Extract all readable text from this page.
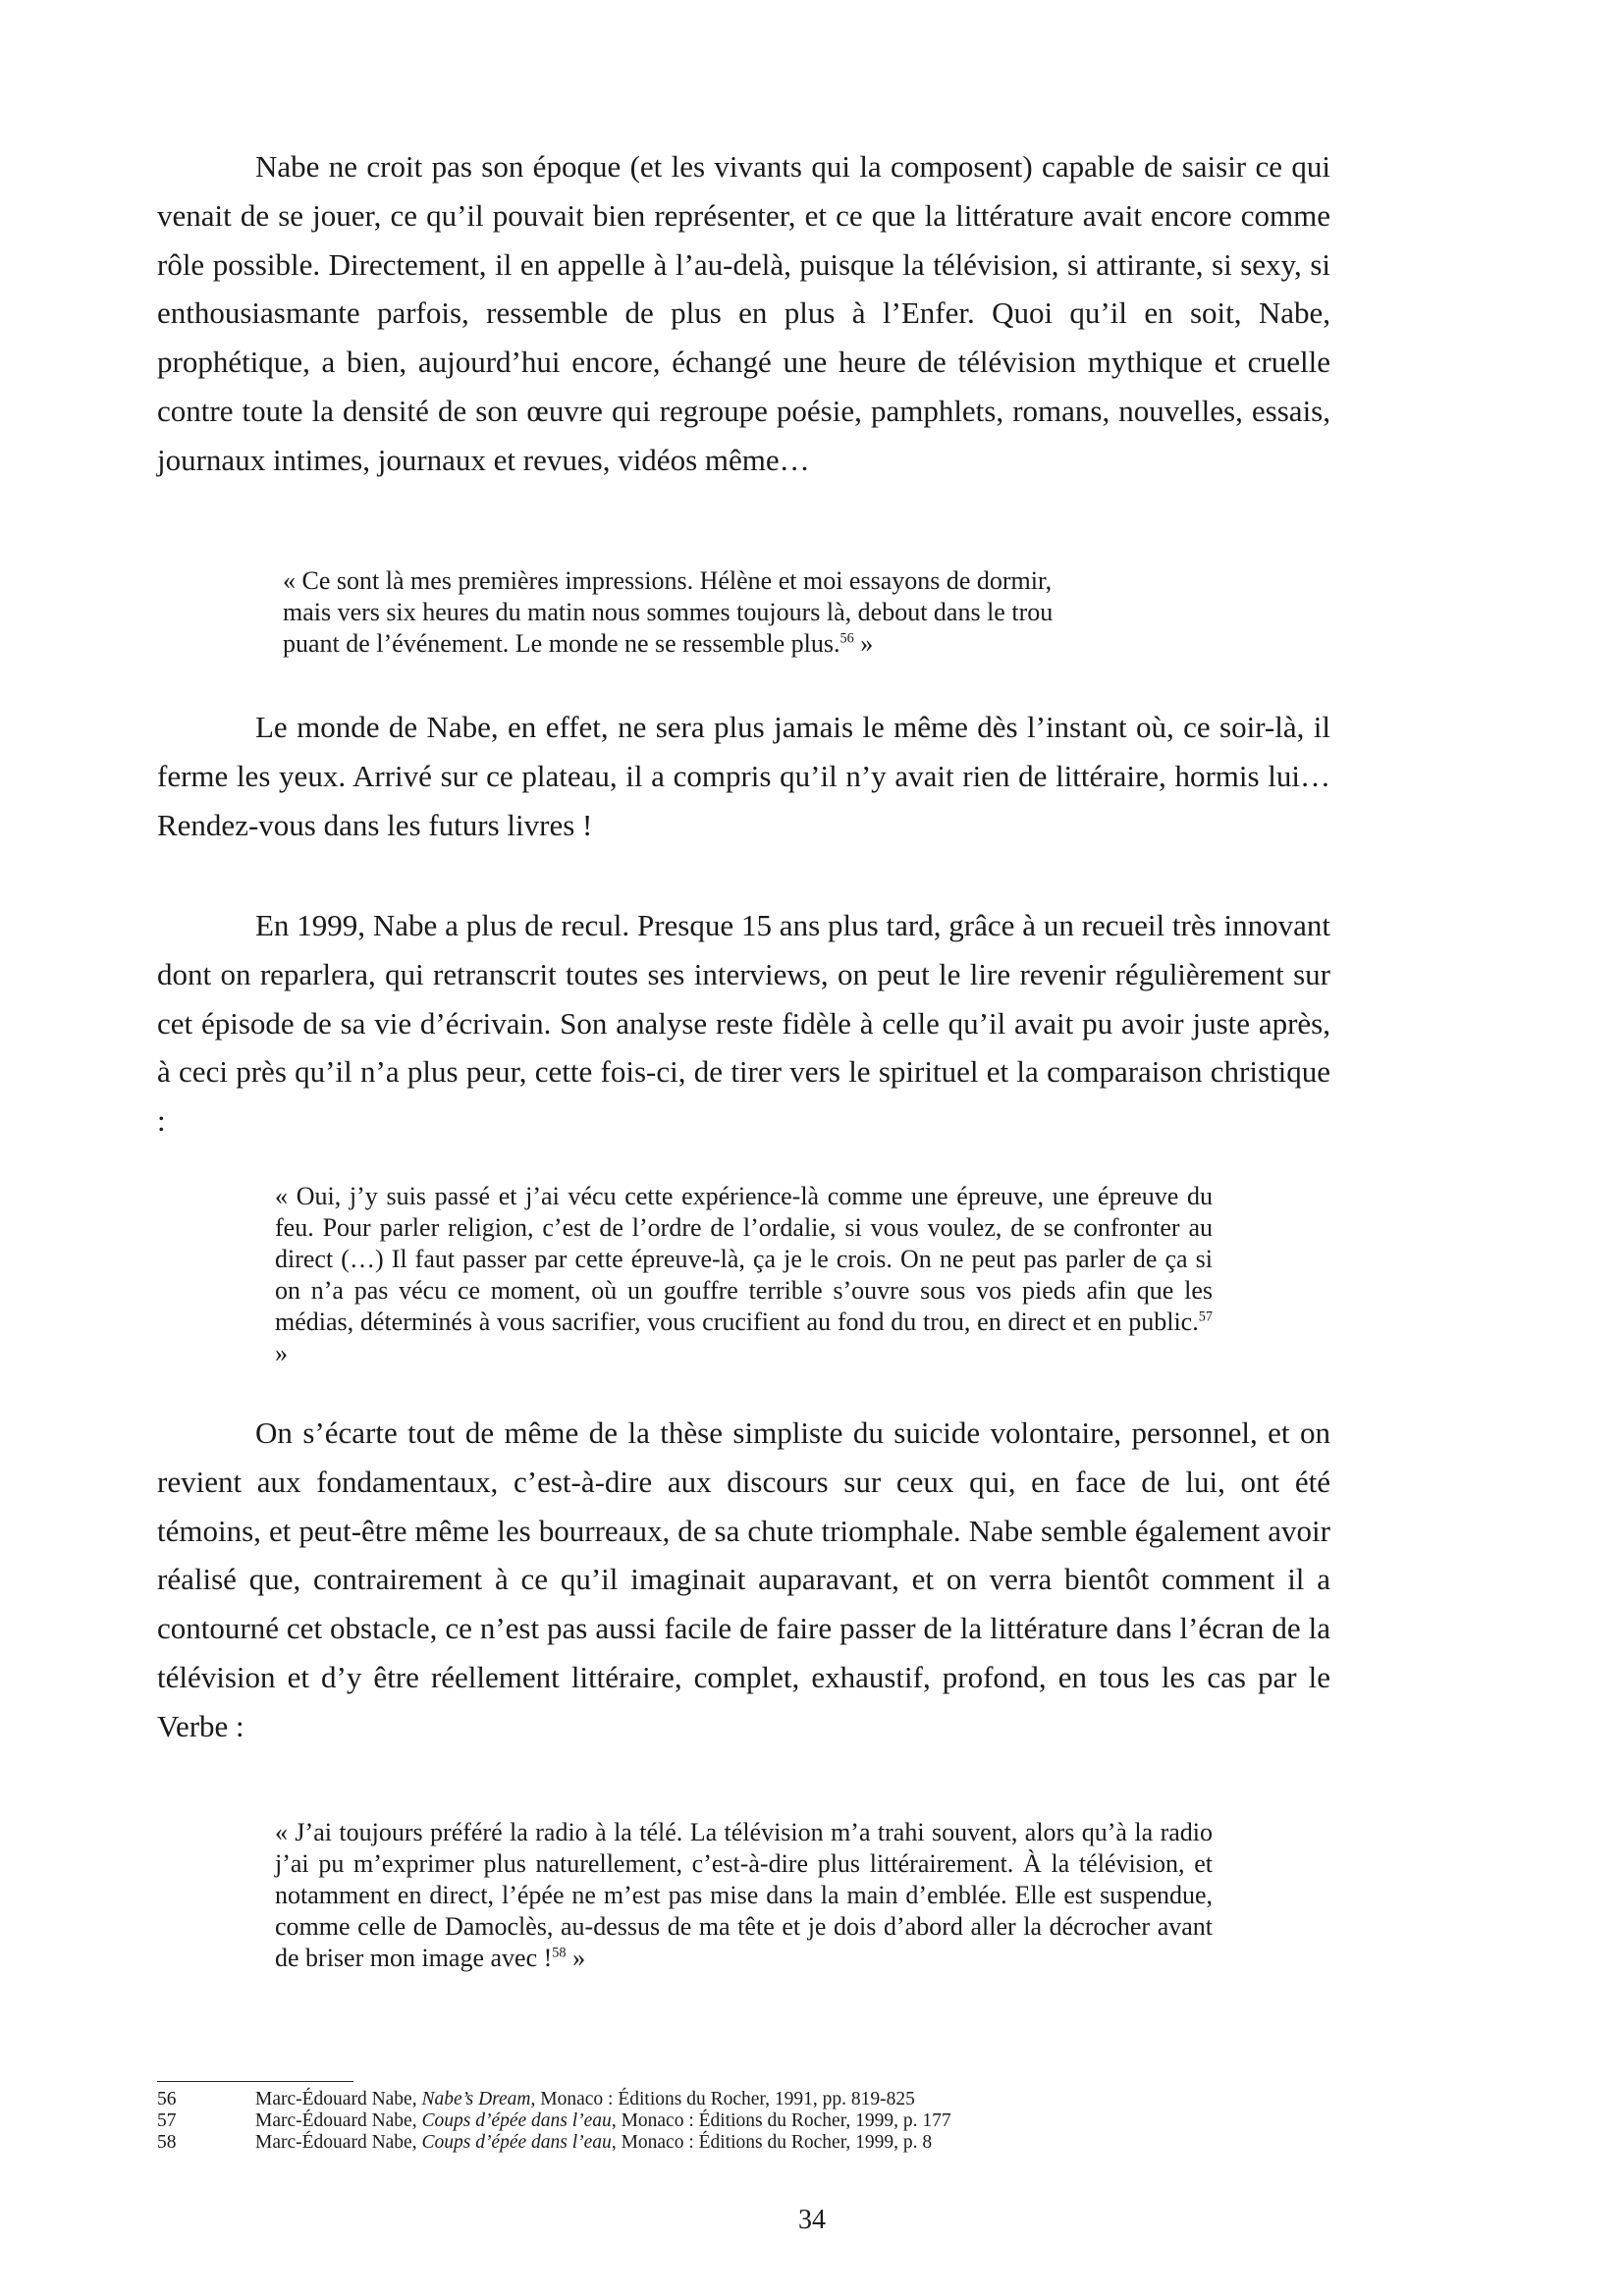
Nabe ne croit pas son époque (et les vivants qui la composent) capable de saisir ce qui venait de se jouer, ce qu’il pouvait bien représenter, et ce que la littérature avait encore comme rôle possible. Directement, il en appelle à l’au-delà, puisque la télévision, si attirante, si sexy, si enthousiasmante parfois, ressemble de plus en plus à l’Enfer. Quoi qu’il en soit, Nabe, prophétique, a bien, aujourd’hui encore, échangé une heure de télévision mythique et cruelle contre toute la densité de son œuvre qui regroupe poésie, pamphlets, romans, nouvelles, essais, journaux intimes, journaux et revues, vidéos même…

« Ce sont là mes premières impressions. Hélène et moi essayons de dormir,
mais vers six heures du matin nous sommes toujours là, debout dans le trou
puant de l’événement. Le monde ne se ressemble plus.$^{56}$ »

Le monde de Nabe, en effet, ne sera plus jamais le même dès l’instant où, ce soir-là, il ferme les yeux. Arrivé sur ce plateau, il a compris qu’il n’y avait rien de littéraire, hormis lui… Rendez-vous dans les futurs livres !

En 1999, Nabe a plus de recul. Presque 15 ans plus tard, grâce à un recueil très innovant dont on reparlera, qui retranscrit toutes ses interviews, on peut le lire revenir régulièrement sur cet épisode de sa vie d’écrivain. Son analyse reste fidèle à celle qu’il avait pu avoir juste après, à ceci près qu’il n’a plus peur, cette fois-ci, de tirer vers le spirituel et la comparaison christique :

« Oui, j’y suis passé et j’ai vécu cette expérience-là comme une épreuve, une épreuve du feu. Pour parler religion, c’est de l’ordre de l’ordalie, si vous voulez, de se confronter au direct (…) Il faut passer par cette épreuve-là, ça je le crois. On ne peut pas parler de ça si on n’a pas vécu ce moment, où un gouffre terrible s’ouvre sous vos pieds afin que les médias, déterminés à vous sacrifier, vous crucifient au fond du trou, en direct et en public.$^{57}$ »

On s’écarte tout de même de la thèse simpliste du suicide volontaire, personnel, et on revient aux fondamentaux, c’est-à-dire aux discours sur ceux qui, en face de lui, ont été témoins, et peut-être même les bourreaux, de sa chute triomphale. Nabe semble également avoir réalisé que, contrairement à ce qu’il imaginait auparavant, et on verra bientôt comment il a contourné cet obstacle, ce n’est pas aussi facile de faire passer de la littérature dans l’écran de la télévision et d’y être réellement littéraire, complet, exhaustif, profond, en tous les cas par le Verbe :

« J’ai toujours préféré la radio à la télé. La télévision m’a trahi souvent, alors qu’à la radio j’ai pu m’exprimer plus naturellement, c’est-à-dire plus littérairement. À la télévision, et notamment en direct, l’épée ne m’est pas mise dans la main d’emblée. Elle est suspendue, comme celle de Damoclès, au-dessus de ma tête et je dois d’abord aller la décrocher avant de briser mon image avec !$^{58}$ »

56	Marc-Édouard Nabe, Nabe’s Dream, Monaco : Éditions du Rocher, 1991, pp. 819-825
57	Marc-Édouard Nabe, Coups d’épée dans l’eau, Monaco : Éditions du Rocher, 1999, p. 177
58	Marc-Édouard Nabe, Coups d’épée dans l’eau, Monaco : Éditions du Rocher, 1999, p. 8
34
